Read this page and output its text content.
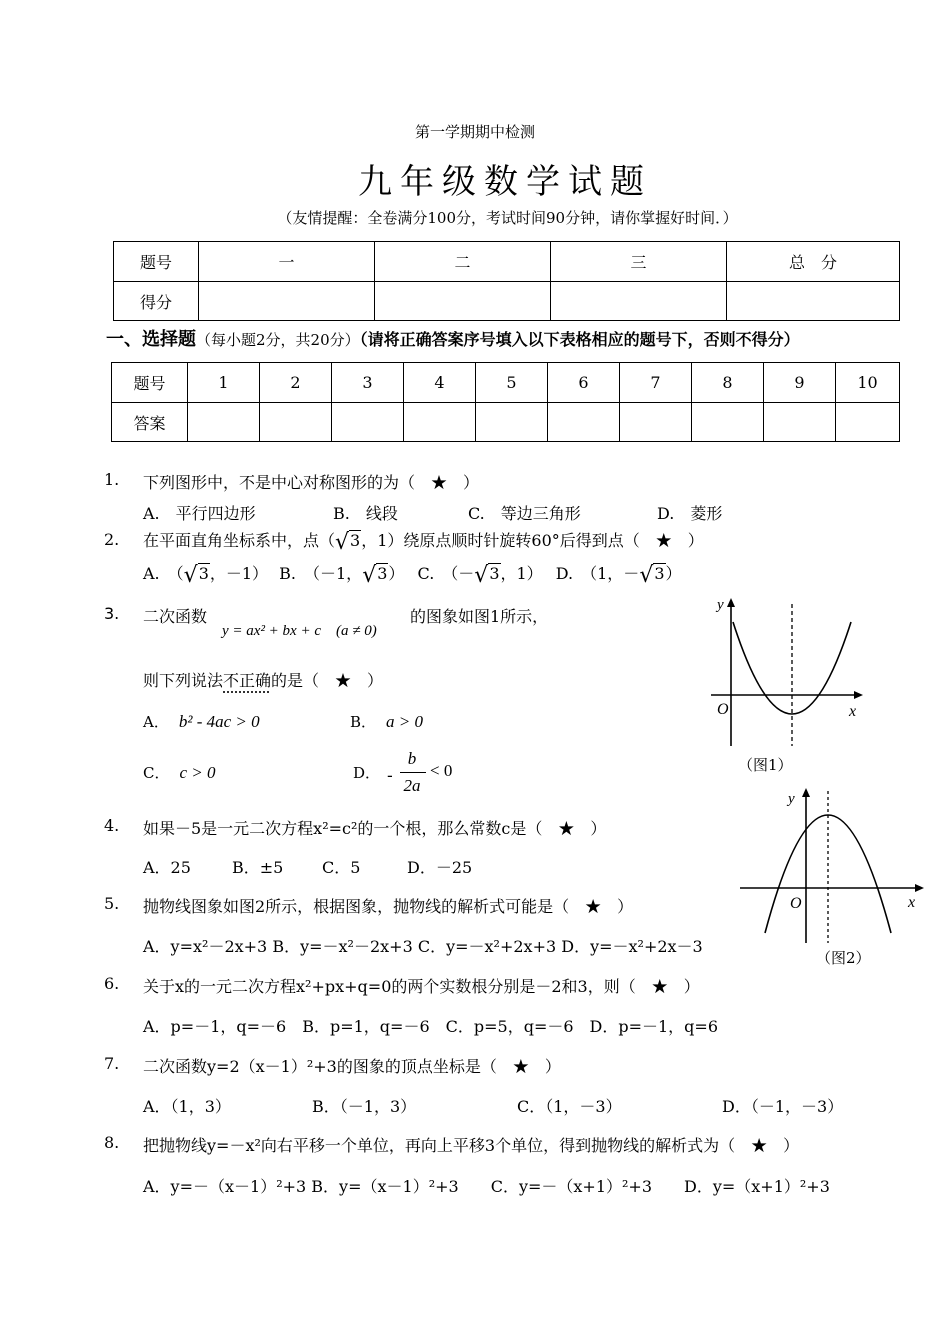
第一学期期中检测
九年级数学试题
（友情提醒：全卷满分100分，考试时间90分钟，请你掌握好时间．）
题号	一	二	三	总　分
得分				
一、选择题（每小题2分，共20分）（请将正确答案序号填入以下表格相应的题号下，否则不得分）
题号	1	2	3	4	5	6	7	8	9	10
答案										
1. 下列图形中，不是中心对称图形的为（　★　）
A.　平行四边形	B.　线段	C.　等边三角形	D.　菱形
2. 在平面直角坐标系中，点（√3，1）绕原点顺时针旋转60°后得到点（　★　）
A.　（√3，－1） B.　（－1，√3） C.　（－√3，1） D.　（1，－√3）
3. 二次函数
y = ax² + bx + c　(a ≠ 0)
的图象如图1所示，
则下列说法不正确的是（　★　）
A． b² - 4ac > 0	B． a > 0
C． c > 0	D． -
b
2a
< 0
y
x
O
（图1）
4. 如果－5是一元二次方程x²=c²的一个根，那么常数c是（　★　）
A．25	B．±5 C．5	D．－25
y
x
O
（图2）
5. 抛物线图象如图2所示，根据图象，抛物线的解析式可能是（　★　）
A．y=x²－2x+3 B．y=－x²－2x+3 C．y=－x²+2x+3 D．y=－x²+2x－3
6. 关于x的一元二次方程x²+px+q=0的两个实数根分别是－2和3，则（　★　）
A．p=－1，q=－6　B．p=1，q=－6　C．p=5，q=－6　D．p=－1，q=6
7. 二次函数y=2（x－1）²+3的图象的顶点坐标是（　★　）
A．（1，3）	B．（－1，3）	C．（1，－3）	D．（－1，－3）
8. 把抛物线y=－x²向右平移一个单位，再向上平移3个单位，得到抛物线的解析式为（　★　）
A．y=－（x－1）²+3 B．y=（x－1）²+3　　C．y=－（x+1）²+3　　D．y=（x+1）²+3
